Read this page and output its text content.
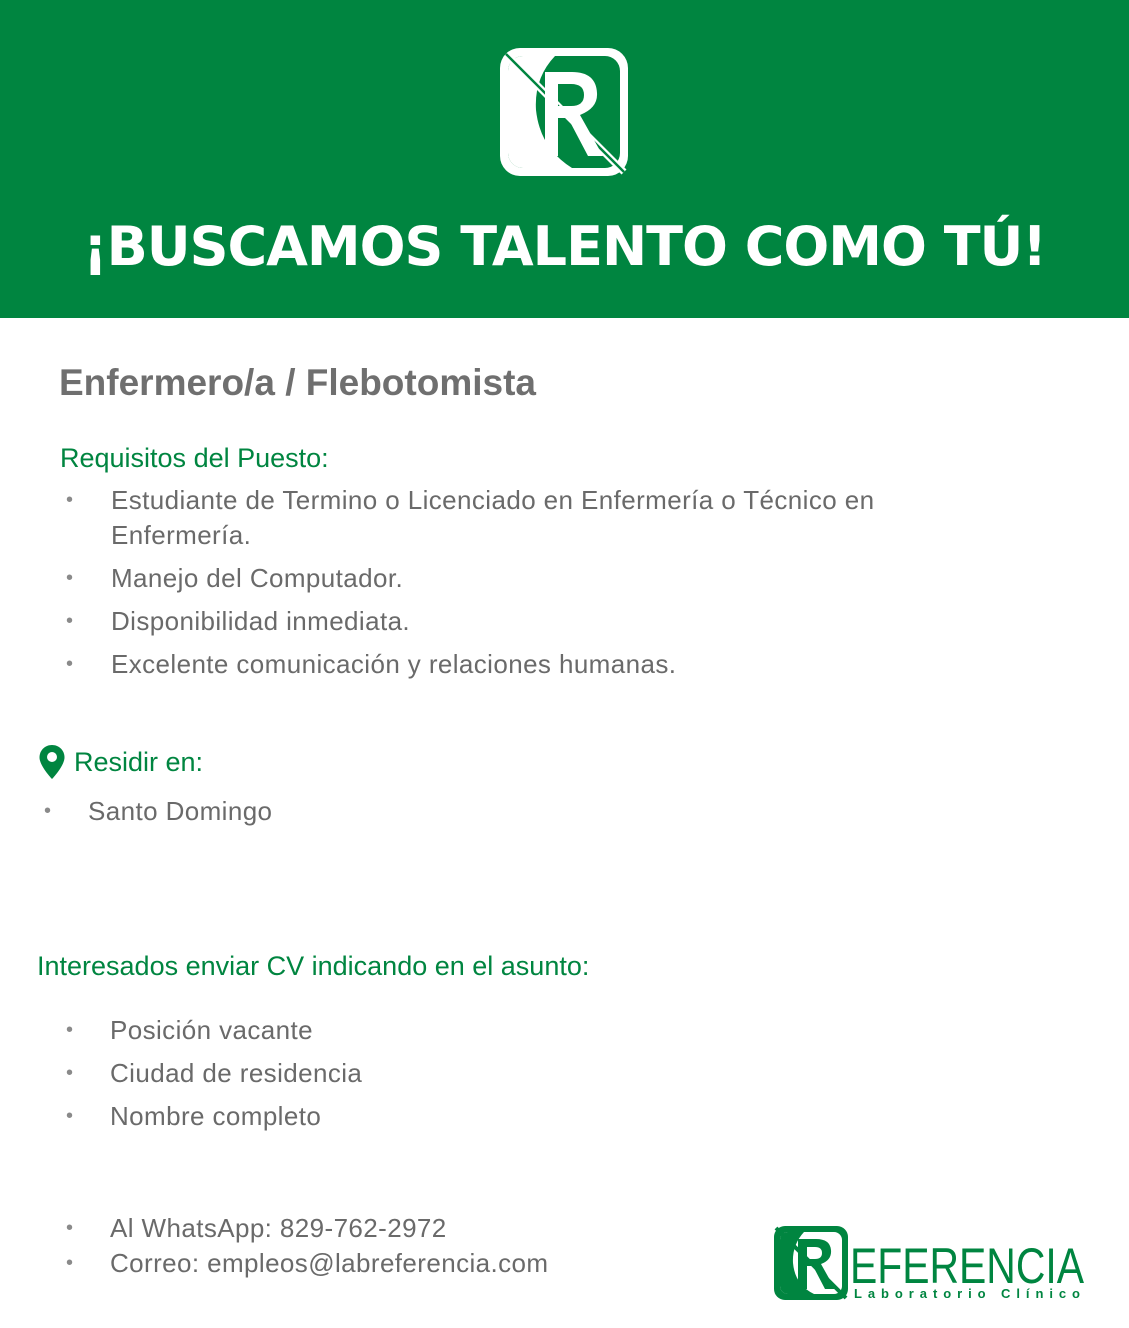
¡BUSCAMOS TALENTO COMO TÚ!
Enfermero/a / Flebotomista
Requisitos del Puesto:
• Estudiante de Termino o Licenciado en Enfermería o Técnico en Enfermería.
• Manejo del Computador.
• Disponibilidad inmediata.
• Excelente comunicación y relaciones humanas.
Residir en:
• Santo Domingo
Interesados enviar CV indicando en el asunto:
• Posición vacante
• Ciudad de residencia
• Nombre completo
• Al WhatsApp: 829-762-2972
• Correo: empleos@labreferencia.com	EFERENCIA
Laboratorio Clínico
